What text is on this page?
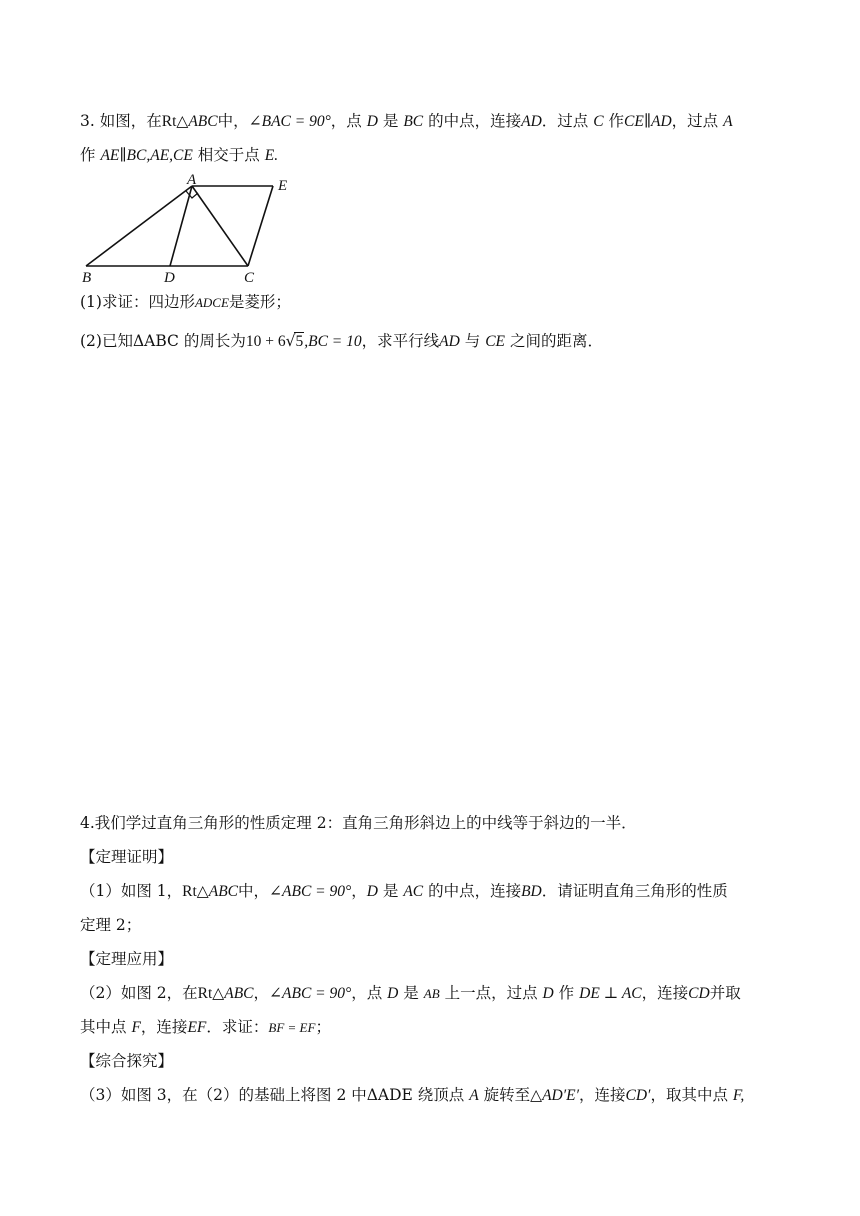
3. 如图，在Rt△ABC中，∠BAC = 90°，点 D 是 BC 的中点，连接AD．过点 C 作CE∥AD，过点 A
作 AE∥BC,AE,CE 相交于点 E.
A	E
B	D	C
(1)求证：四边形ADCE是菱形；
(2)已知ΔABC 的周长为10 + 6√5,BC = 10，求平行线AD 与 CE 之间的距离．
4.我们学过直角三角形的性质定理 2：直角三角形斜边上的中线等于斜边的一半．
【定理证明】
（1）如图 1，Rt△ABC中，∠ABC = 90°，D 是 AC 的中点，连接BD．请证明直角三角形的性质
定理 2；
【定理应用】
（2）如图 2，在Rt△ABC，∠ABC = 90°，点 D 是 AB 上一点，过点 D 作 DE ⊥ AC，连接CD并取
其中点 F，连接EF．求证：BF = EF；
【综合探究】
（3）如图 3，在（2）的基础上将图 2 中ΔADE 绕顶点 A 旋转至△AD′E′，连接CD′，取其中点 F,
